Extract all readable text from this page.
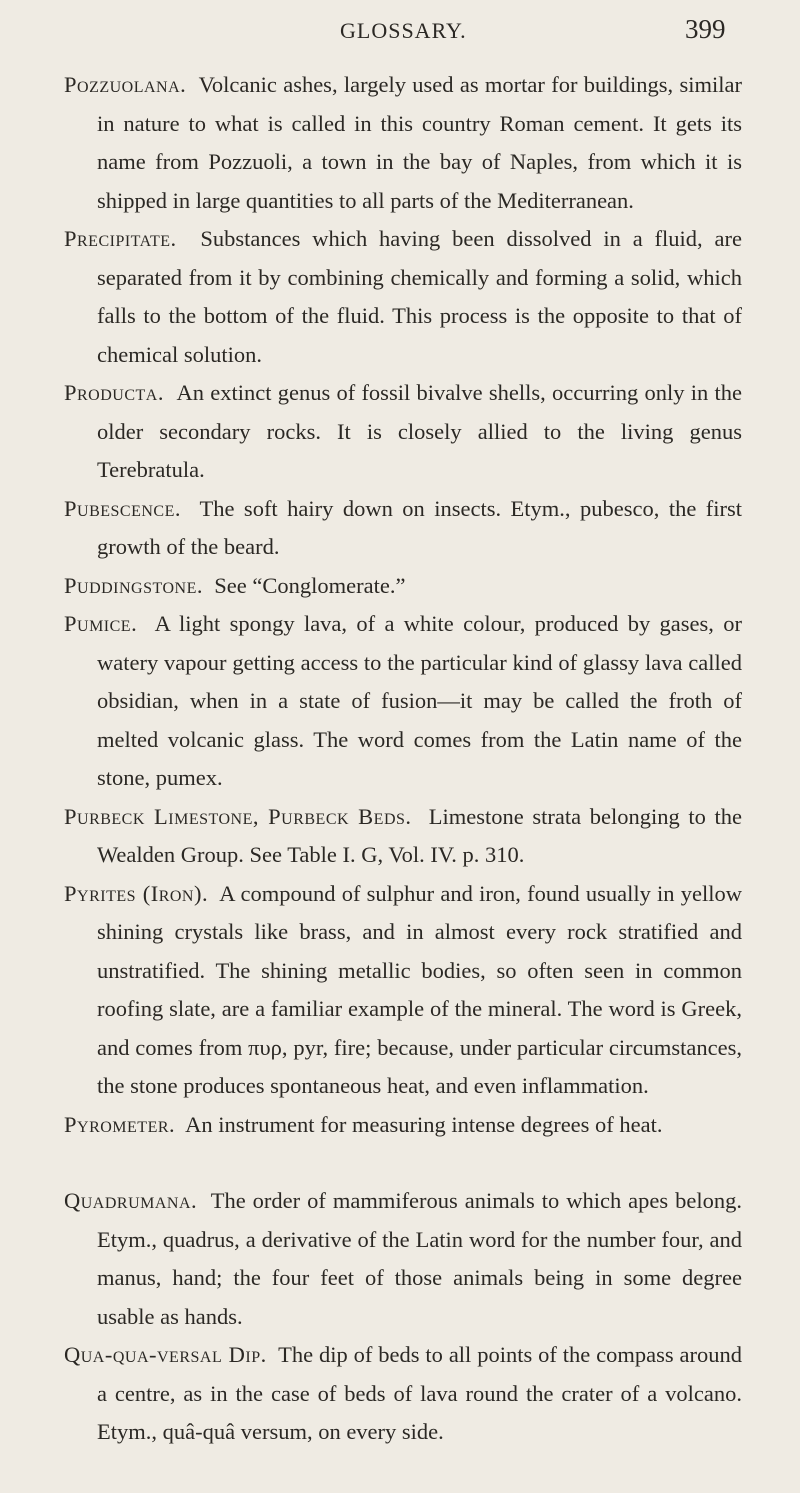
GLOSSARY.	399

Pozzuolana. Volcanic ashes, largely used as mortar for buildings, similar in nature to what is called in this country Roman cement. It gets its name from Pozzuoli, a town in the bay of Naples, from which it is shipped in large quantities to all parts of the Mediterranean.

Precipitate. Substances which having been dissolved in a fluid, are separated from it by combining chemically and forming a solid, which falls to the bottom of the fluid. This process is the opposite to that of chemical solution.

Productа. An extinct genus of fossil bivalve shells, occurring only in the older secondary rocks. It is closely allied to the living genus Terebratula.

Pubescence. The soft hairy down on insects. Etym., pubesco, the first growth of the beard.

Puddingstone. See “Conglomerate.”

Pumice. A light spongy lava, of a white colour, produced by gases, or watery vapour getting access to the particular kind of glassy lava called obsidian, when in a state of fusion—it may be called the froth of melted volcanic glass. The word comes from the Latin name of the stone, pumex.

Purbeck Limestone, Purbeck Beds. Limestone strata belonging to the Wealden Group. See Table I. G, Vol. IV. p. 310.

Pyrites (Iron). A compound of sulphur and iron, found usually in yellow shining crystals like brass, and in almost every rock stratified and unstratified. The shining metallic bodies, so often seen in common roofing slate, are a familiar example of the mineral. The word is Greek, and comes from πυρ, pyr, fire; because, under particular circumstances, the stone produces spontaneous heat, and even inflammation.

Pyrometer. An instrument for measuring intense degrees of heat.

Quadrumana. The order of mammiferous animals to which apes belong. Etym., quadrus, a derivative of the Latin word for the number four, and manus, hand; the four feet of those animals being in some degree usable as hands.

Qua-qua-versal Dip. The dip of beds to all points of the compass around a centre, as in the case of beds of lava round the crater of a volcano. Etym., quâ-quâ versum, on every side.
